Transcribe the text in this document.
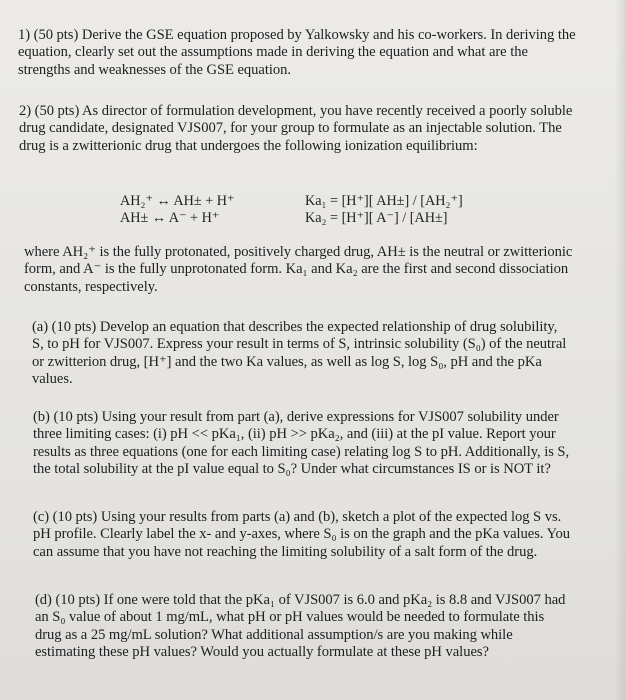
1) (50 pts) Derive the GSE equation proposed by Yalkowsky and his co-workers. In deriving the equation, clearly set out the assumptions made in deriving the equation and what are the strengths and weaknesses of the GSE equation.
2) (50 pts) As director of formulation development, you have recently received a poorly soluble drug candidate, designated VJS007, for your group to formulate as an injectable solution. The drug is a zwitterionic drug that undergoes the following ionization equilibrium:
AH₂⁺ ↔ AH± + H⁺	Ka₁ = [H⁺][ AH±] / [AH₂⁺]
AH± ↔ A⁻ + H⁺	Ka₂ = [H⁺][ A⁻] / [AH±]
where AH₂⁺ is the fully protonated, positively charged drug, AH± is the neutral or zwitterionic form, and A⁻ is the fully unprotonated form. Ka₁ and Ka₂ are the first and second dissociation constants, respectively.
(a) (10 pts) Develop an equation that describes the expected relationship of drug solubility, S, to pH for VJS007. Express your result in terms of S, intrinsic solubility (S₀) of the neutral or zwitterion drug, [H⁺] and the two Ka values, as well as log S, log S₀, pH and the pKa values.
(b) (10 pts) Using your result from part (a), derive expressions for VJS007 solubility under three limiting cases: (i) pH << pKa₁, (ii) pH >> pKa₂, and (iii) at the pI value. Report your results as three equations (one for each limiting case) relating log S to pH. Additionally, is S, the total solubility at the pI value equal to S₀? Under what circumstances IS or is NOT it?
(c) (10 pts) Using your results from parts (a) and (b), sketch a plot of the expected log S vs. pH profile. Clearly label the x- and y-axes, where S₀ is on the graph and the pKa values. You can assume that you have not reaching the limiting solubility of a salt form of the drug.
(d) (10 pts) If one were told that the pKa₁ of VJS007 is 6.0 and pKa₂ is 8.8 and VJS007 had an S₀ value of about 1 mg/mL, what pH or pH values would be needed to formulate this drug as a 25 mg/mL solution? What additional assumption/s are you making while estimating these pH values? Would you actually formulate at these pH values?
